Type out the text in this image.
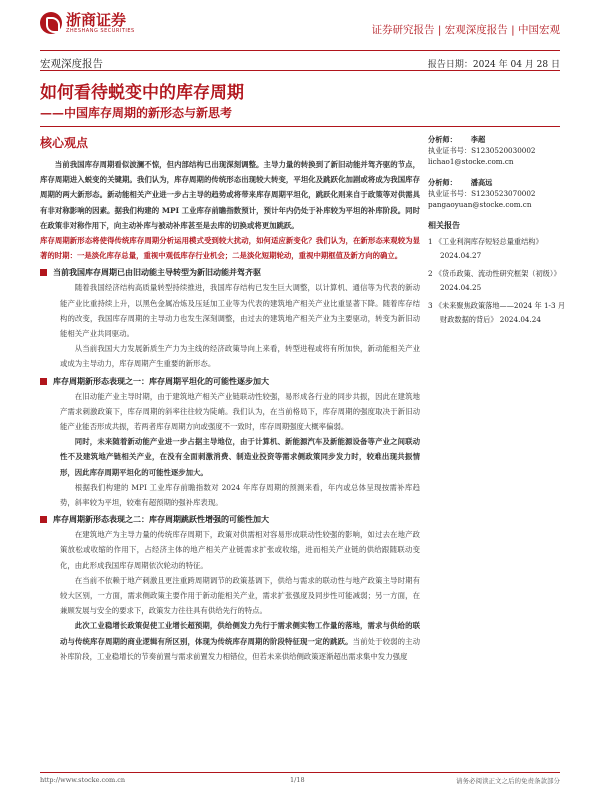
浙商证券
ZHESHANG SECURITIES	证券研究报告 | 宏观深度报告 | 中国宏观
宏观深度报告	报告日期：2024 年 04 月 28 日
如何看待蜕变中的库存周期
——中国库存周期的新形态与新思考
核心观点

当前我国库存周期看似波澜不惊，但内部结构已出现深刻调整。主导力量的转换到了新旧动能并驾齐驱的节点，库存周期进入蜕变的关键期。我们认为，库存周期的传统形态出现较大转变，平坦化及跳跃化加剧或将成为我国库存周期的两大新形态。新动能相关产业进一步占主导的趋势或将带来库存周期平坦化，跳跃化则来自于政策等对供需具有非对称影响的因素。据我们构建的 MPI 工业库存前瞻指数预计，预计年内仍处于补库较为平坦的补库阶段。同时在政策非对称作用下，向主动补库与被动补库甚至是去库的切换或将更加跳跃。

库存周期新形态将使得传统库存周期分析运用模式受到较大扰动，如何适应新变化？我们认为，在新形态来观较为显著的时期：一是淡化库存总量，重视中观低库存行业机会；二是淡化短期轮动，重视中期框值及新方向的确立。

当前我国库存周期已由旧动能主导转型为新旧动能并驾齐驱

随着我国经济结构高质量转型持续推进，我国库存结构已发生巨大调整，以计算机、通信等为代表的新动能产业比重持续上升，以黑色金属冶炼及压延加工业等为代表的建筑地产相关产业比重显著下降。随着库存结构的改变，我国库存周期的主导动力也发生深刻调整，由过去的建筑地产相关产业为主要驱动，转变为新旧动能相关产业共同驱动。

从当前我国大力发展新质生产力为主线的经济政策导向上来看，转型进程或将有所加快，新动能相关产业或成为主导动力，库存周期产生重要的新形态。

库存周期新形态表现之一：库存周期平坦化的可能性逐步加大

在旧动能产业主导时期，由于建筑地产相关产业链联动性较强，易形成各行业的同步共振，因此在建筑地产需求刺激政策下，库存周期的斜率往往较为陡峭。我们认为，在当前格局下，库存周期的强度取决于新旧动能产业能否形成共振，若两者库存周期方向或强度不一致时，库存周期强度大概率偏弱。

同时，未来随着新动能产业进一步占据主导地位，由于计算机、新能源汽车及新能源设备等产业之间联动性不及建筑地产链相关产业，在没有全面刺激消费、制造业投资等需求侧政策同步发力时，较难出现共振情形，因此库存周期平坦化的可能性逐步加大。

根据我们构建的 MPI 工业库存前瞻指数对 2024 年库存周期的预测来看，年内或总体呈现按需补库趋势，斜率较为平坦，较难有超预期的强补库表现。

库存周期新形态表现之二：库存周期跳跃性增强的可能性加大

在建筑地产为主导力量的传统库存周期下，政策对供需相对容易形成联动性较强的影响，如过去在地产政策放松或收缩的作用下，占经济主体的地产相关产业链需求扩张或收缩，进而相关产业链的供给跟随联动变化，由此形成我国库存周期依次轮动的特征。

在当前不依赖于地产刺激且更注重跨周期调节的政策基调下，供给与需求的联动性与地产政策主导时期有较大区别，一方面，需求侧政策主要作用于新动能相关产业，需求扩张强度及同步性可能减弱；另一方面，在兼顾发展与安全的要求下，政策发力往往具有供给先行的特点。

此次工业稳增长政策促使工业增长超预期，供给侧发力先行于需求侧实物工作量的落地，需求与供给的联动与传统库存周期的商业逻辑有所区别，体现为传统库存周期的阶段特征现一定的跳跃。当前处于较弱的主动补库阶段，工业稳增长的节奏前置与需求前置发力相错位，但若未来供给侧政策逐渐超出需求集中发力强度

分析师： 李超
执业证书号：S1230520030002
lichao1@stocke.com.cn
分析师： 潘高远
执业证书号：S1230523070002
pangaoyuan@stocke.com.cn
相关报告
1 《工业利润库存短轻总量重结构》 2024.04.27
2 《货币政策、流动性研究框架（初级）》 2024.04.25
3 《未来聚焦政策落地——2024 年 1-3 月财政数据的背后》 2024.04.24
http://www.stocke.com.cn	1/18	请务必阅读正文之后的免责条款部分
